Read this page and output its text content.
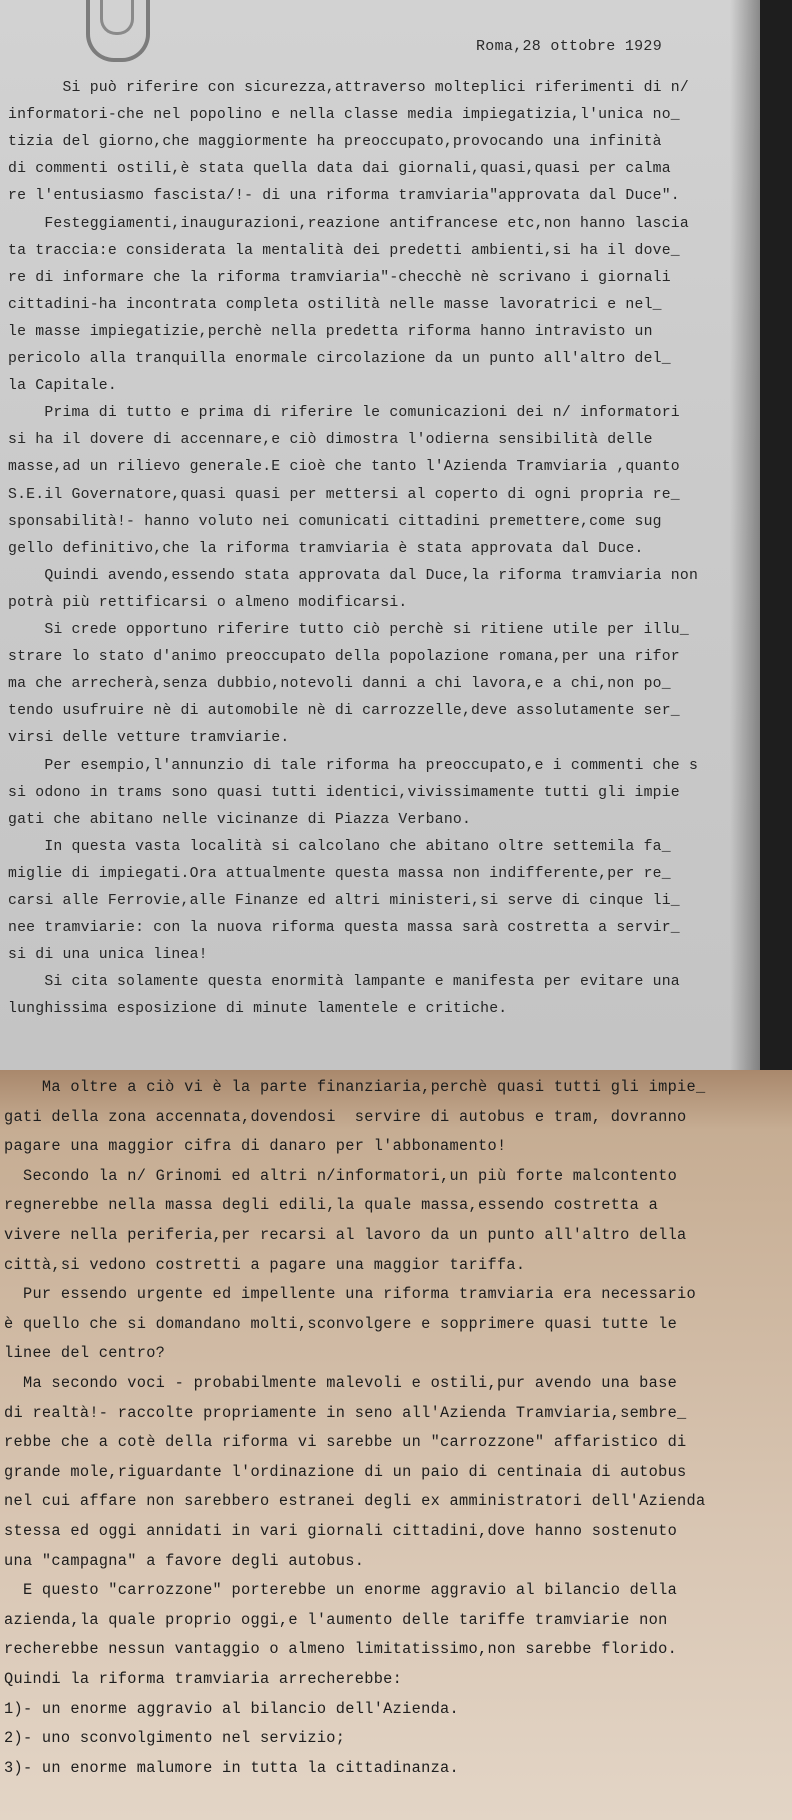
Roma,28 ottobre 1929
Si può riferire con sicurezza,attraverso molteplici riferimenti di n/
informatori-che nel popolino e nella classe media impiegatizia,l'unica no_
tizia del giorno,che maggiormente ha preoccupato,provocando una infinità
di commenti ostili,è stata quella data dai giornali,quasi,quasi per calma
re l'entusiasmo fascista/!- di una riforma tramviaria"approvata dal Duce".
Festeggiamenti,inaugurazioni,reazione antifrancese etc,non hanno lascia
ta traccia:e considerata la mentalità dei predetti ambienti,si ha il dove_
re di informare che la riforma tramviaria"-checchè nè scrivano i giornali
cittadini-ha incontrata completa ostilità nelle masse lavoratrici e nel_
le masse impiegatizie,perchè nella predetta riforma hanno intravisto un
pericolo alla tranquilla enormale circolazione da un punto all'altro del_
la Capitale.
Prima di tutto e prima di riferire le comunicazioni dei n/ informatori
si ha il dovere di accennare,e ciò dimostra l'odierna sensibilità delle
masse,ad un rilievo generale.E cioè che tanto l'Azienda Tramviaria ,quanto
S.E.il Governatore,quasi quasi per mettersi al coperto di ogni propria re_
sponsabilità!- hanno voluto nei comunicati cittadini premettere,come sug
gello definitivo,che la riforma tramviaria è stata approvata dal Duce.
Quindi avendo,essendo stata approvata dal Duce,la riforma tramviaria non
potrà più rettificarsi o almeno modificarsi.
Si crede opportuno riferire tutto ciò perchè si ritiene utile per illu_
strare lo stato d'animo preoccupato della popolazione romana,per una rifor
ma che arrecherà,senza dubbio,notevoli danni a chi lavora,e a chi,non po_
tendo usufruire nè di automobile nè di carrozzelle,deve assolutamente ser_
virsi delle vetture tramviarie.
Per esempio,l'annunzio di tale riforma ha preoccupato,e i commenti che s
si odono in trams sono quasi tutti identici,vivissimamente tutti gli impie
gati che abitano nelle vicinanze di Piazza Verbano.
In questa vasta località si calcolano che abitano oltre settemila fa_
miglie di impiegati.Ora attualmente questa massa non indifferente,per re_
carsi alle Ferrovie,alle Finanze ed altri ministeri,si serve di cinque li_
nee tramviarie: con la nuova riforma questa massa sarà costretta a servir_
si di una unica linea!
Si cita solamente questa enormità lampante e manifesta per evitare una
lunghissima esposizione di minute lamentele e critiche.
Ma oltre a ciò vi è la parte finanziaria,perchè quasi tutti gli impie_
gati della zona accennata,dovendosi  servire di autobus e tram, dovranno
pagare una maggior cifra di danaro per l'abbonamento!
Secondo la n/ Grinomi ed altri n/informatori,un più forte malcontento
regnerebbe nella massa degli edili,la quale massa,essendo costretta a
vivere nella periferia,per recarsi al lavoro da un punto all'altro della
città,si vedono costretti a pagare una maggior tariffa.
Pur essendo urgente ed impellente una riforma tramviaria era necessario
è quello che si domandano molti,sconvolgere e sopprimere quasi tutte le
linee del centro?
Ma secondo voci - probabilmente malevoli e ostili,pur avendo una base
di realtà!- raccolte propriamente in seno all'Azienda Tramviaria,sembre_
rebbe che a cotè della riforma vi sarebbe un "carrozzone" affaristico di
grande mole,riguardante l'ordinazione di un paio di centinaia di autobus
nel cui affare non sarebbero estranei degli ex amministratori dell'Azienda
stessa ed oggi annidati in vari giornali cittadini,dove hanno sostenuto
una "campagna" a favore degli autobus.
E questo "carrozzone" porterebbe un enorme aggravio al bilancio della
azienda,la quale proprio oggi,e l'aumento delle tariffe tramviarie non
recherebbe nessun vantaggio o almeno limitatissimo,non sarebbe florido.
Quindi la riforma tramviaria arrecherebbe:
1)- un enorme aggravio al bilancio dell'Azienda.
2)- uno sconvolgimento nel servizio;
3)- un enorme malumore in tutta la cittadinanza.
